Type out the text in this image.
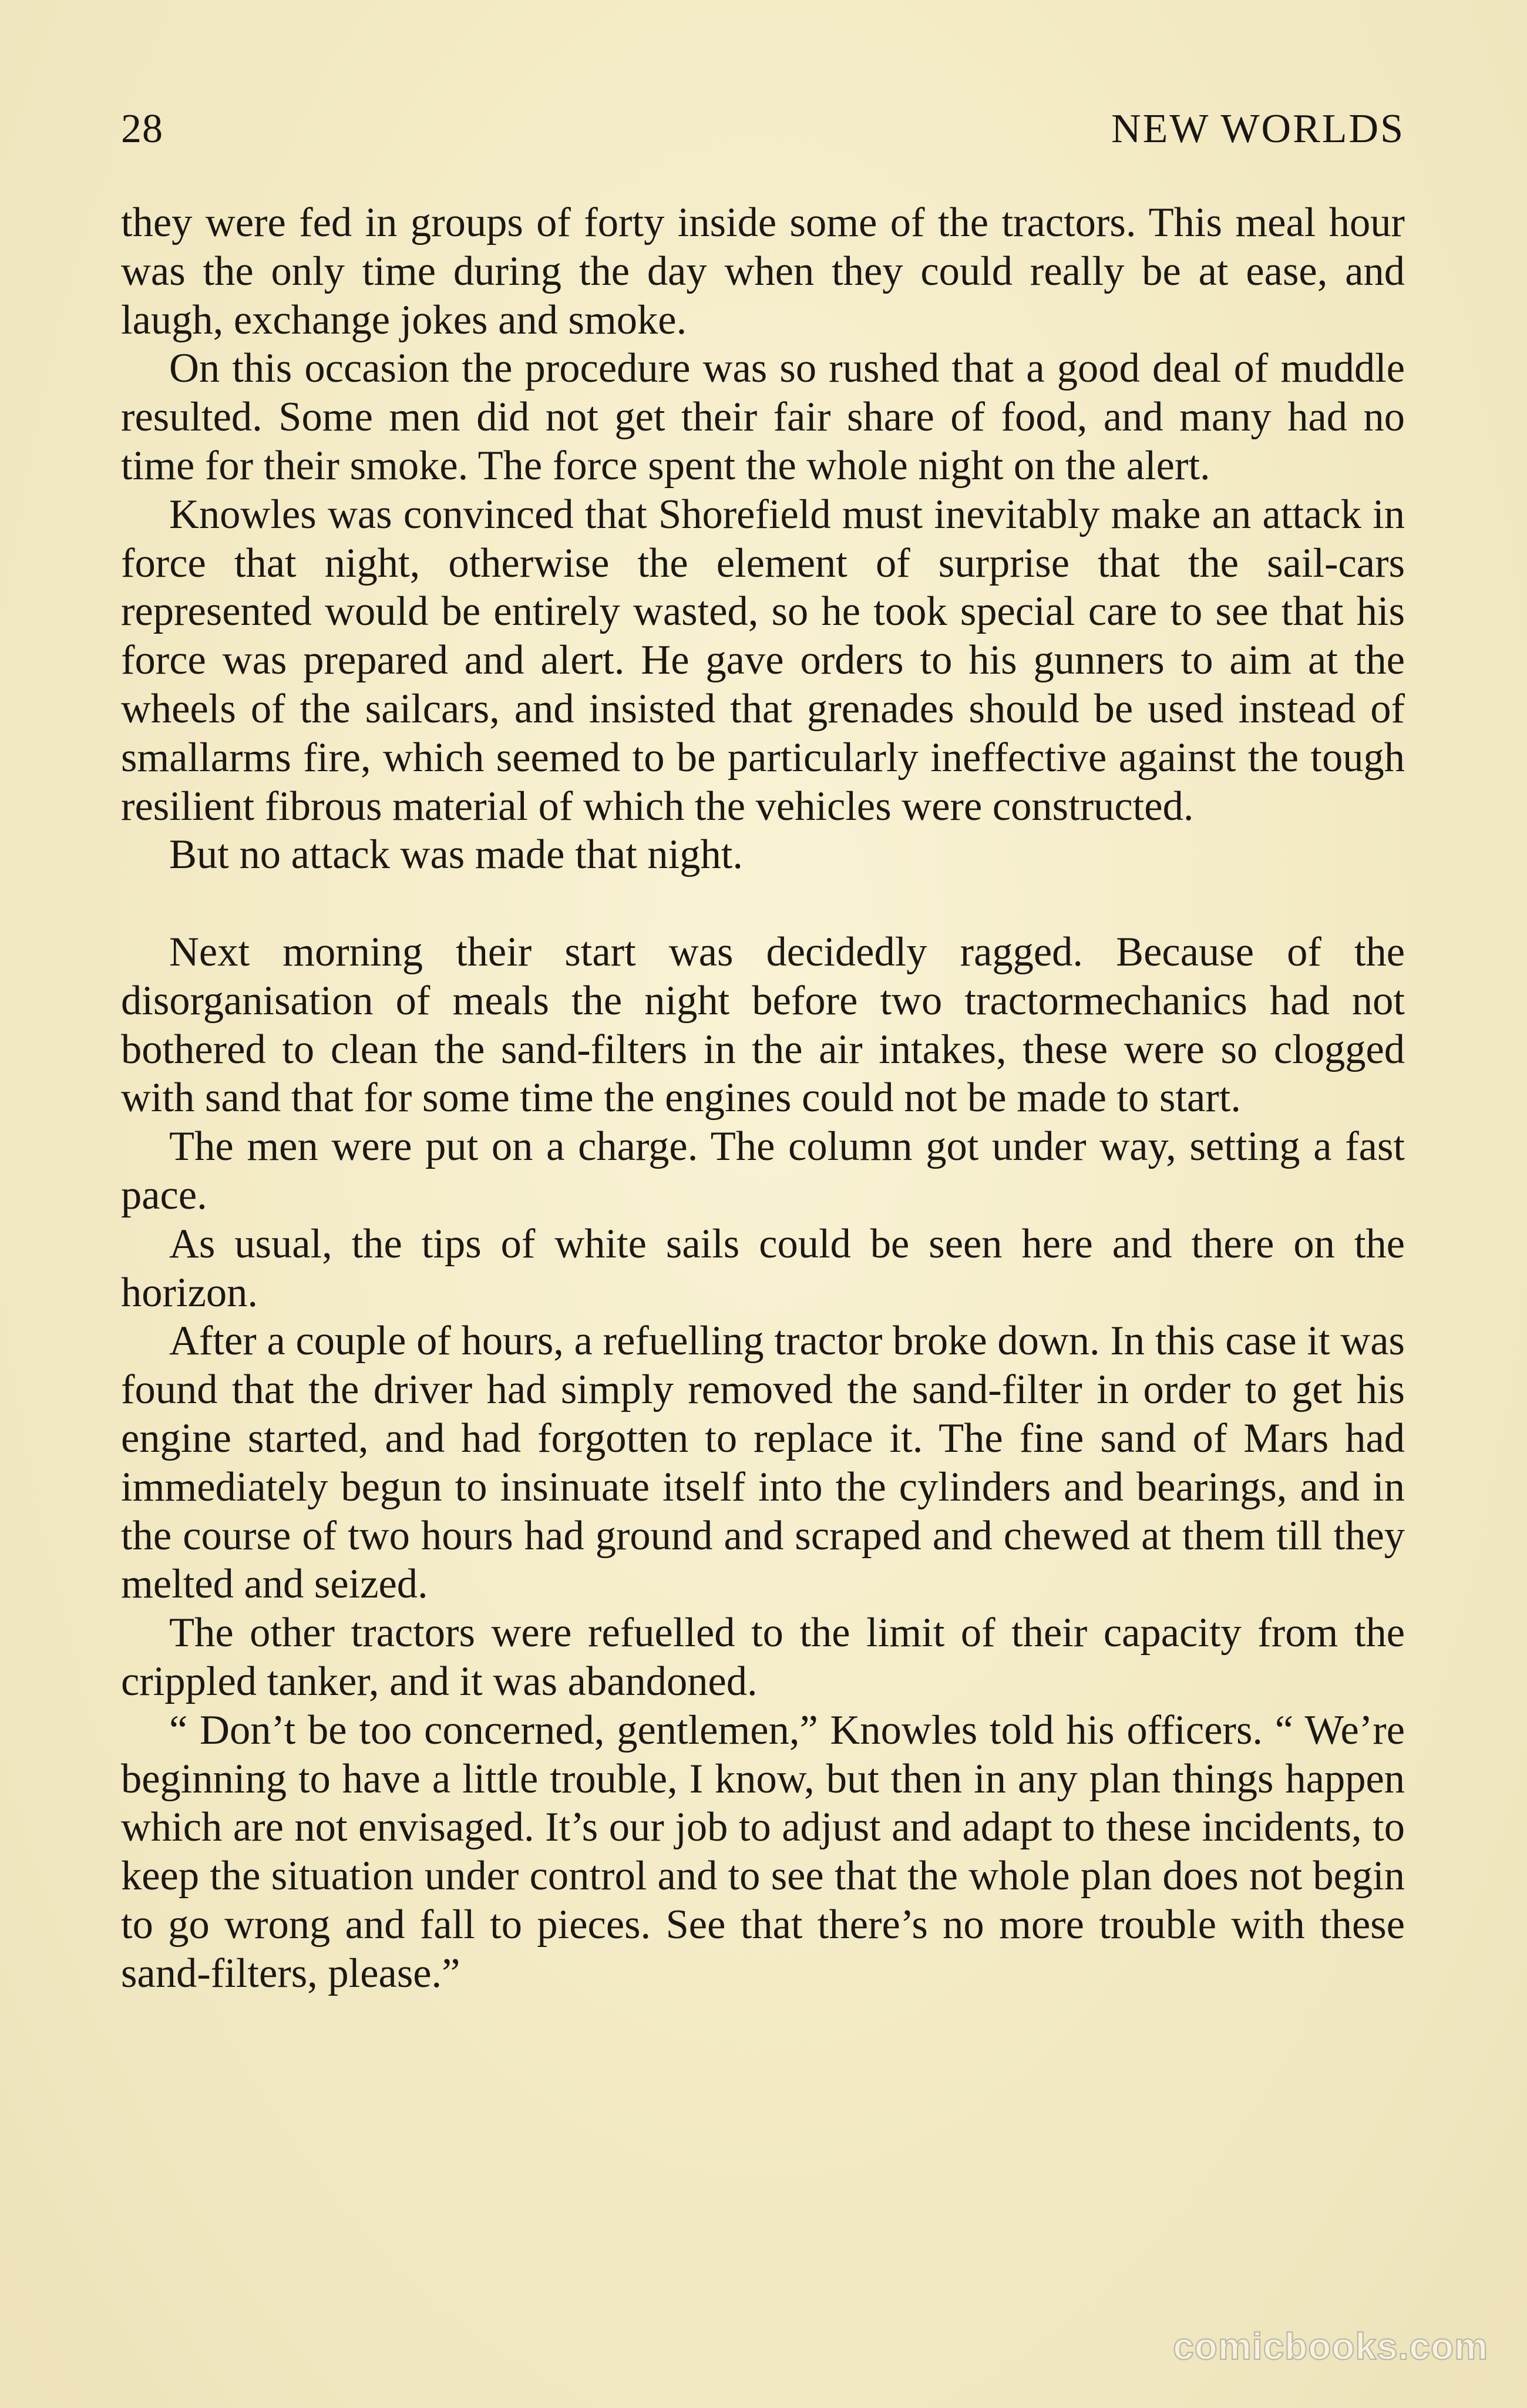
28	NEW WORLDS

they were fed in groups of forty inside some of the tractors. This meal hour was the only time during the day when they could really be at ease, and laugh, exchange jokes and smoke.

On this occasion the procedure was so rushed that a good deal of muddle resulted. Some men did not get their fair share of food, and many had no time for their smoke. The force spent the whole night on the alert.

Knowles was convinced that Shorefield must inevitably make an attack in force that night, otherwise the element of surprise that the sail-cars represented would be entirely wasted, so he took special care to see that his force was prepared and alert. He gave orders to his gunners to aim at the wheels of the sailcars, and insisted that grenades should be used instead of smallarms fire, which seemed to be particularly ineffective against the tough resilient fibrous material of which the vehicles were constructed.

But no attack was made that night.

Next morning their start was decidedly ragged. Because of the disorganisation of meals the night before two tractormechanics had not bothered to clean the sand-filters in the air intakes, these were so clogged with sand that for some time the engines could not be made to start.

The men were put on a charge. The column got under way, setting a fast pace.

As usual, the tips of white sails could be seen here and there on the horizon.

After a couple of hours, a refuelling tractor broke down. In this case it was found that the driver had simply removed the sand-filter in order to get his engine started, and had forgotten to replace it. The fine sand of Mars had immediately begun to insinuate itself into the cylinders and bearings, and in the course of two hours had ground and scraped and chewed at them till they melted and seized.

The other tractors were refuelled to the limit of their capacity from the crippled tanker, and it was abandoned.

“ Don’t be too concerned, gentlemen,” Knowles told his officers. “ We’re beginning to have a little trouble, I know, but then in any plan things happen which are not envisaged. It’s our job to adjust and adapt to these incidents, to keep the situation under control and to see that the whole plan does not begin to go wrong and fall to pieces. See that there’s no more trouble with these sand-filters, please.”

comicbooks.com
